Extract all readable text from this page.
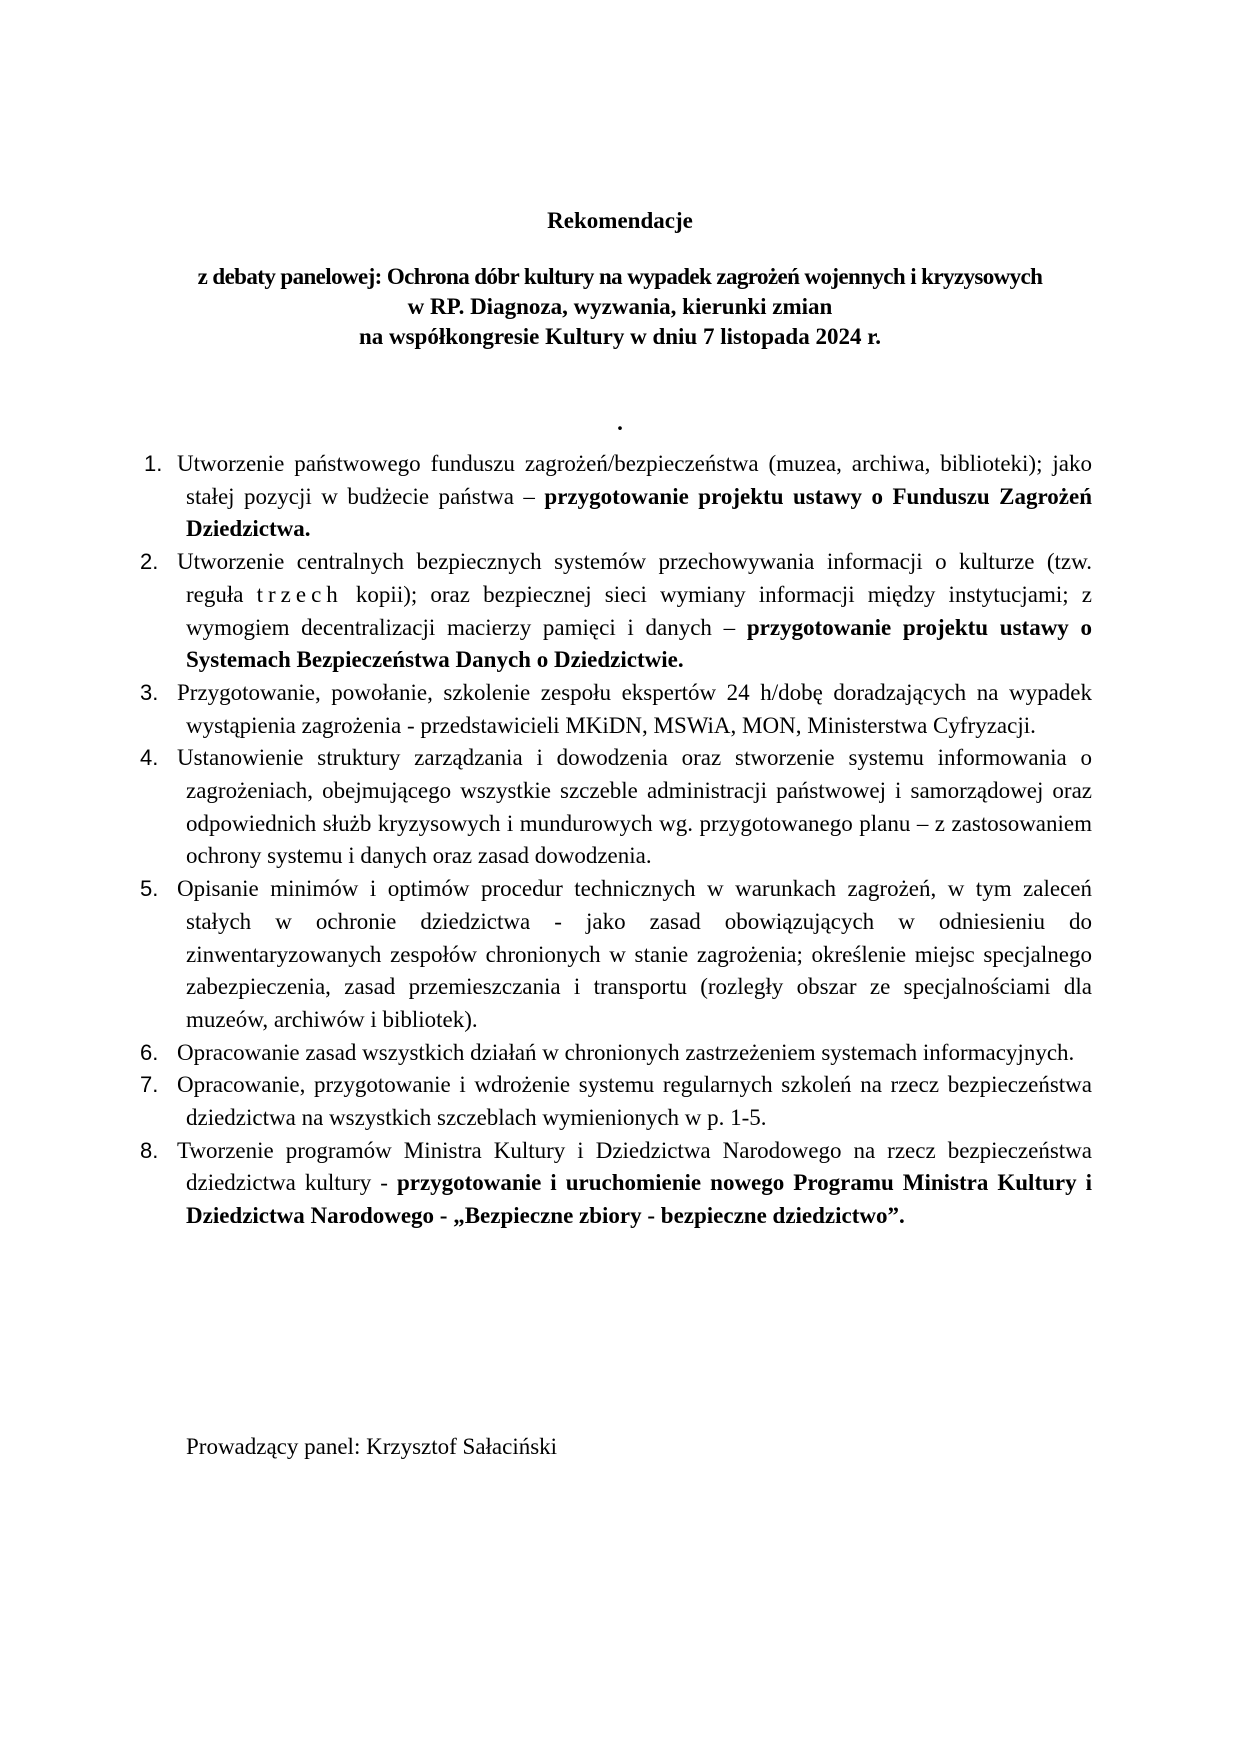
Rekomendacje
z debaty panelowej: Ochrona dóbr kultury na wypadek zagrożeń wojennych i kryzysowych
w RP. Diagnoza, wyzwania, kierunki zmian
na współkongresie Kultury w dniu 7 listopada 2024 r.
.
1. Utworzenie państwowego funduszu zagrożeń/bezpieczeństwa (muzea, archiwa, biblioteki); jako stałej pozycji w budżecie państwa – przygotowanie projektu ustawy o Funduszu Zagrożeń Dziedzictwa.
2. Utworzenie centralnych bezpiecznych systemów przechowywania informacji o kulturze (tzw. reguła trzech kopii); oraz bezpiecznej sieci wymiany informacji między instytucjami; z wymogiem decentralizacji macierzy pamięci i danych – przygotowanie projektu ustawy o Systemach Bezpieczeństwa Danych o Dziedzictwie.
3. Przygotowanie, powołanie, szkolenie zespołu ekspertów 24 h/dobę doradzających na wypadek wystąpienia zagrożenia - przedstawicieli MKiDN, MSWiA, MON, Ministerstwa Cyfryzacji.
4. Ustanowienie struktury zarządzania i dowodzenia oraz stworzenie systemu informowania o zagrożeniach, obejmującego wszystkie szczeble administracji państwowej i samorządowej oraz odpowiednich służb kryzysowych i mundurowych wg. przygotowanego planu – z zastosowaniem ochrony systemu i danych oraz zasad dowodzenia.
5. Opisanie minimów i optimów procedur technicznych w warunkach zagrożeń, w tym zaleceń stałych w ochronie dziedzictwa - jako zasad obowiązujących w odniesieniu do zinwentaryzowanych zespołów chronionych w stanie zagrożenia; określenie miejsc specjalnego zabezpieczenia, zasad przemieszczania i transportu (rozległy obszar ze specjalnościami dla muzeów, archiwów i bibliotek).
6. Opracowanie zasad wszystkich działań w chronionych zastrzeżeniem systemach informacyjnych.
7. Opracowanie, przygotowanie i wdrożenie systemu regularnych szkoleń na rzecz bezpieczeństwa dziedzictwa na wszystkich szczeblach wymienionych w p. 1-5.
8. Tworzenie programów Ministra Kultury i Dziedzictwa Narodowego na rzecz bezpieczeństwa dziedzictwa kultury - przygotowanie i uruchomienie nowego Programu Ministra Kultury i Dziedzictwa Narodowego - „Bezpieczne zbiory - bezpieczne dziedzictwo”.
Prowadzący panel: Krzysztof Sałaciński
